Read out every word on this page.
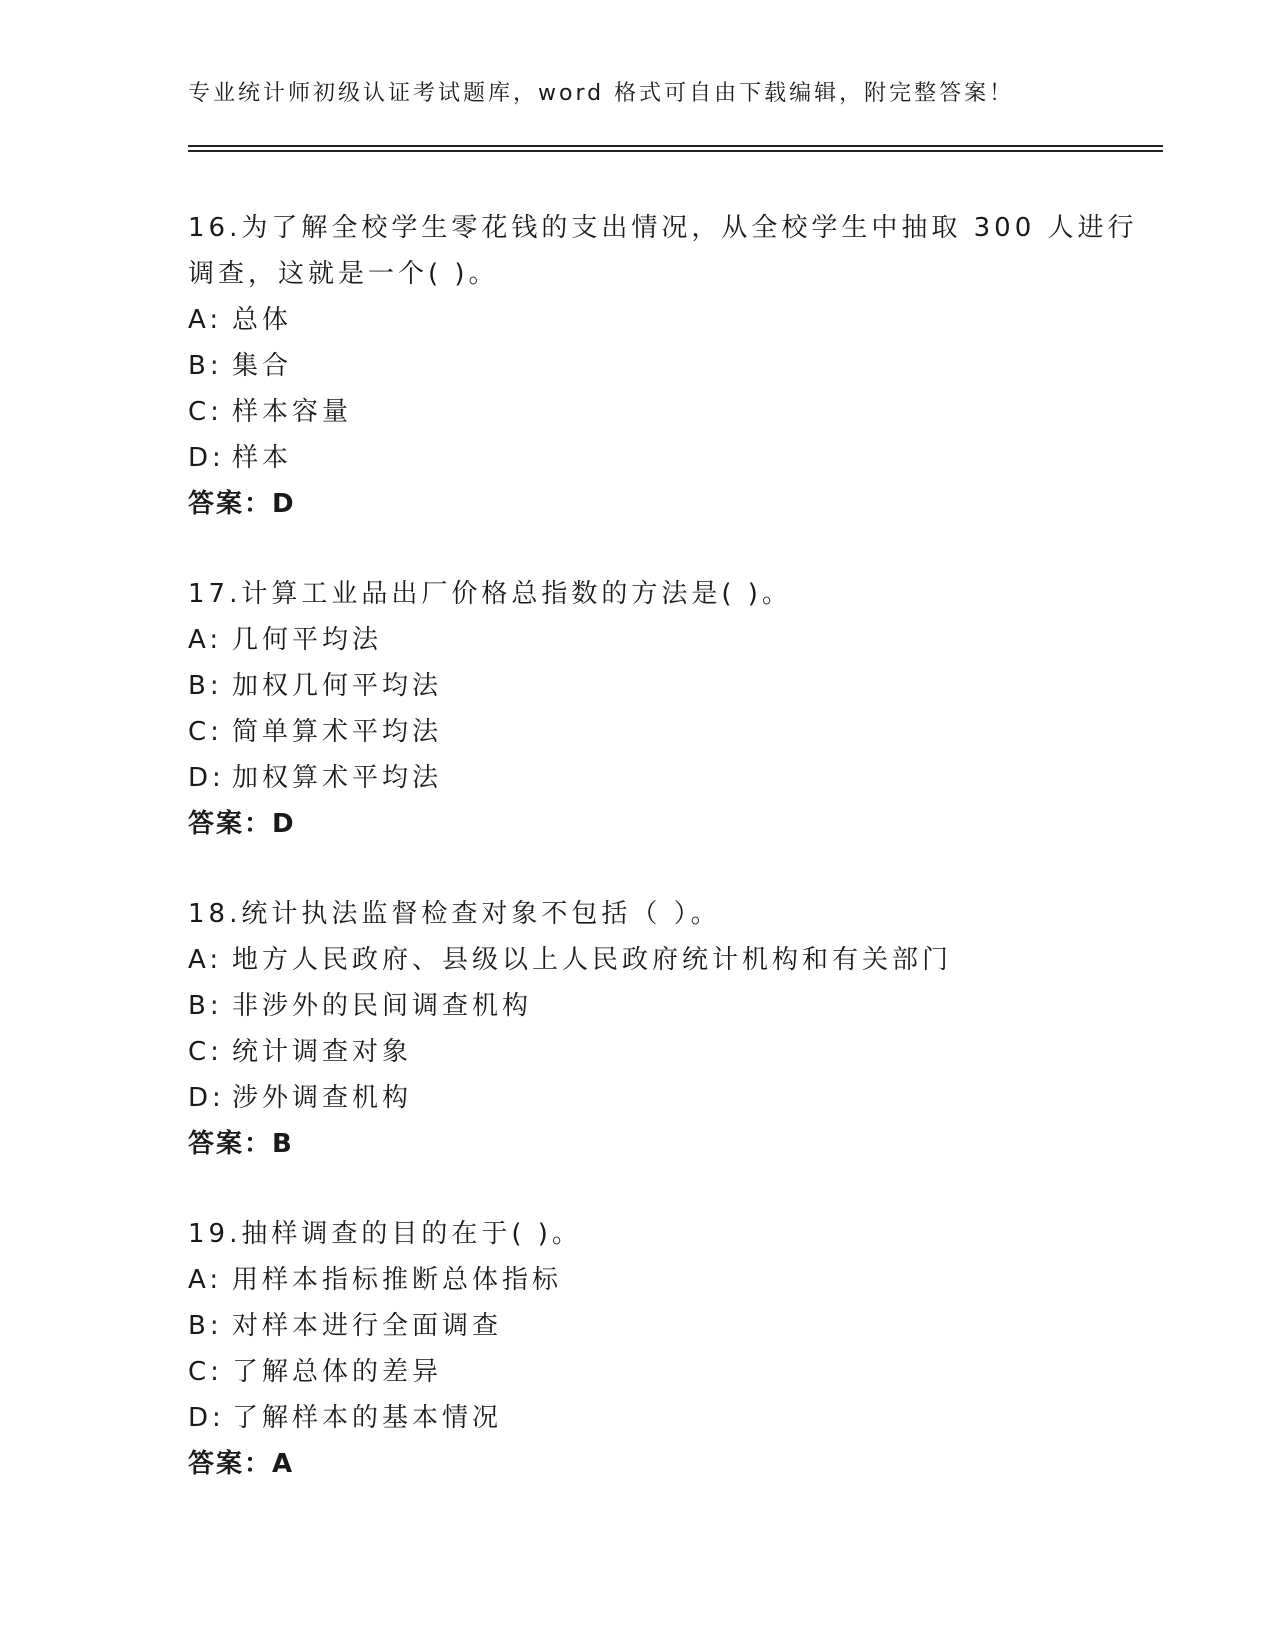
专业统计师初级认证考试题库，word 格式可自由下载编辑，附完整答案！
16.为了解全校学生零花钱的支出情况，从全校学生中抽取 300 人进行
调查，这就是一个( )。
A: 总体
B: 集合
C: 样本容量
D: 样本
答案：D
17.计算工业品出厂价格总指数的方法是( )。
A: 几何平均法
B: 加权几何平均法
C: 简单算术平均法
D: 加权算术平均法
答案：D
18.统计执法监督检查对象不包括（ ）。
A: 地方人民政府、县级以上人民政府统计机构和有关部门
B: 非涉外的民间调查机构
C: 统计调查对象
D: 涉外调查机构
答案：B
19.抽样调查的目的在于( )。
A: 用样本指标推断总体指标
B: 对样本进行全面调查
C: 了解总体的差异
D: 了解样本的基本情况
答案：A
